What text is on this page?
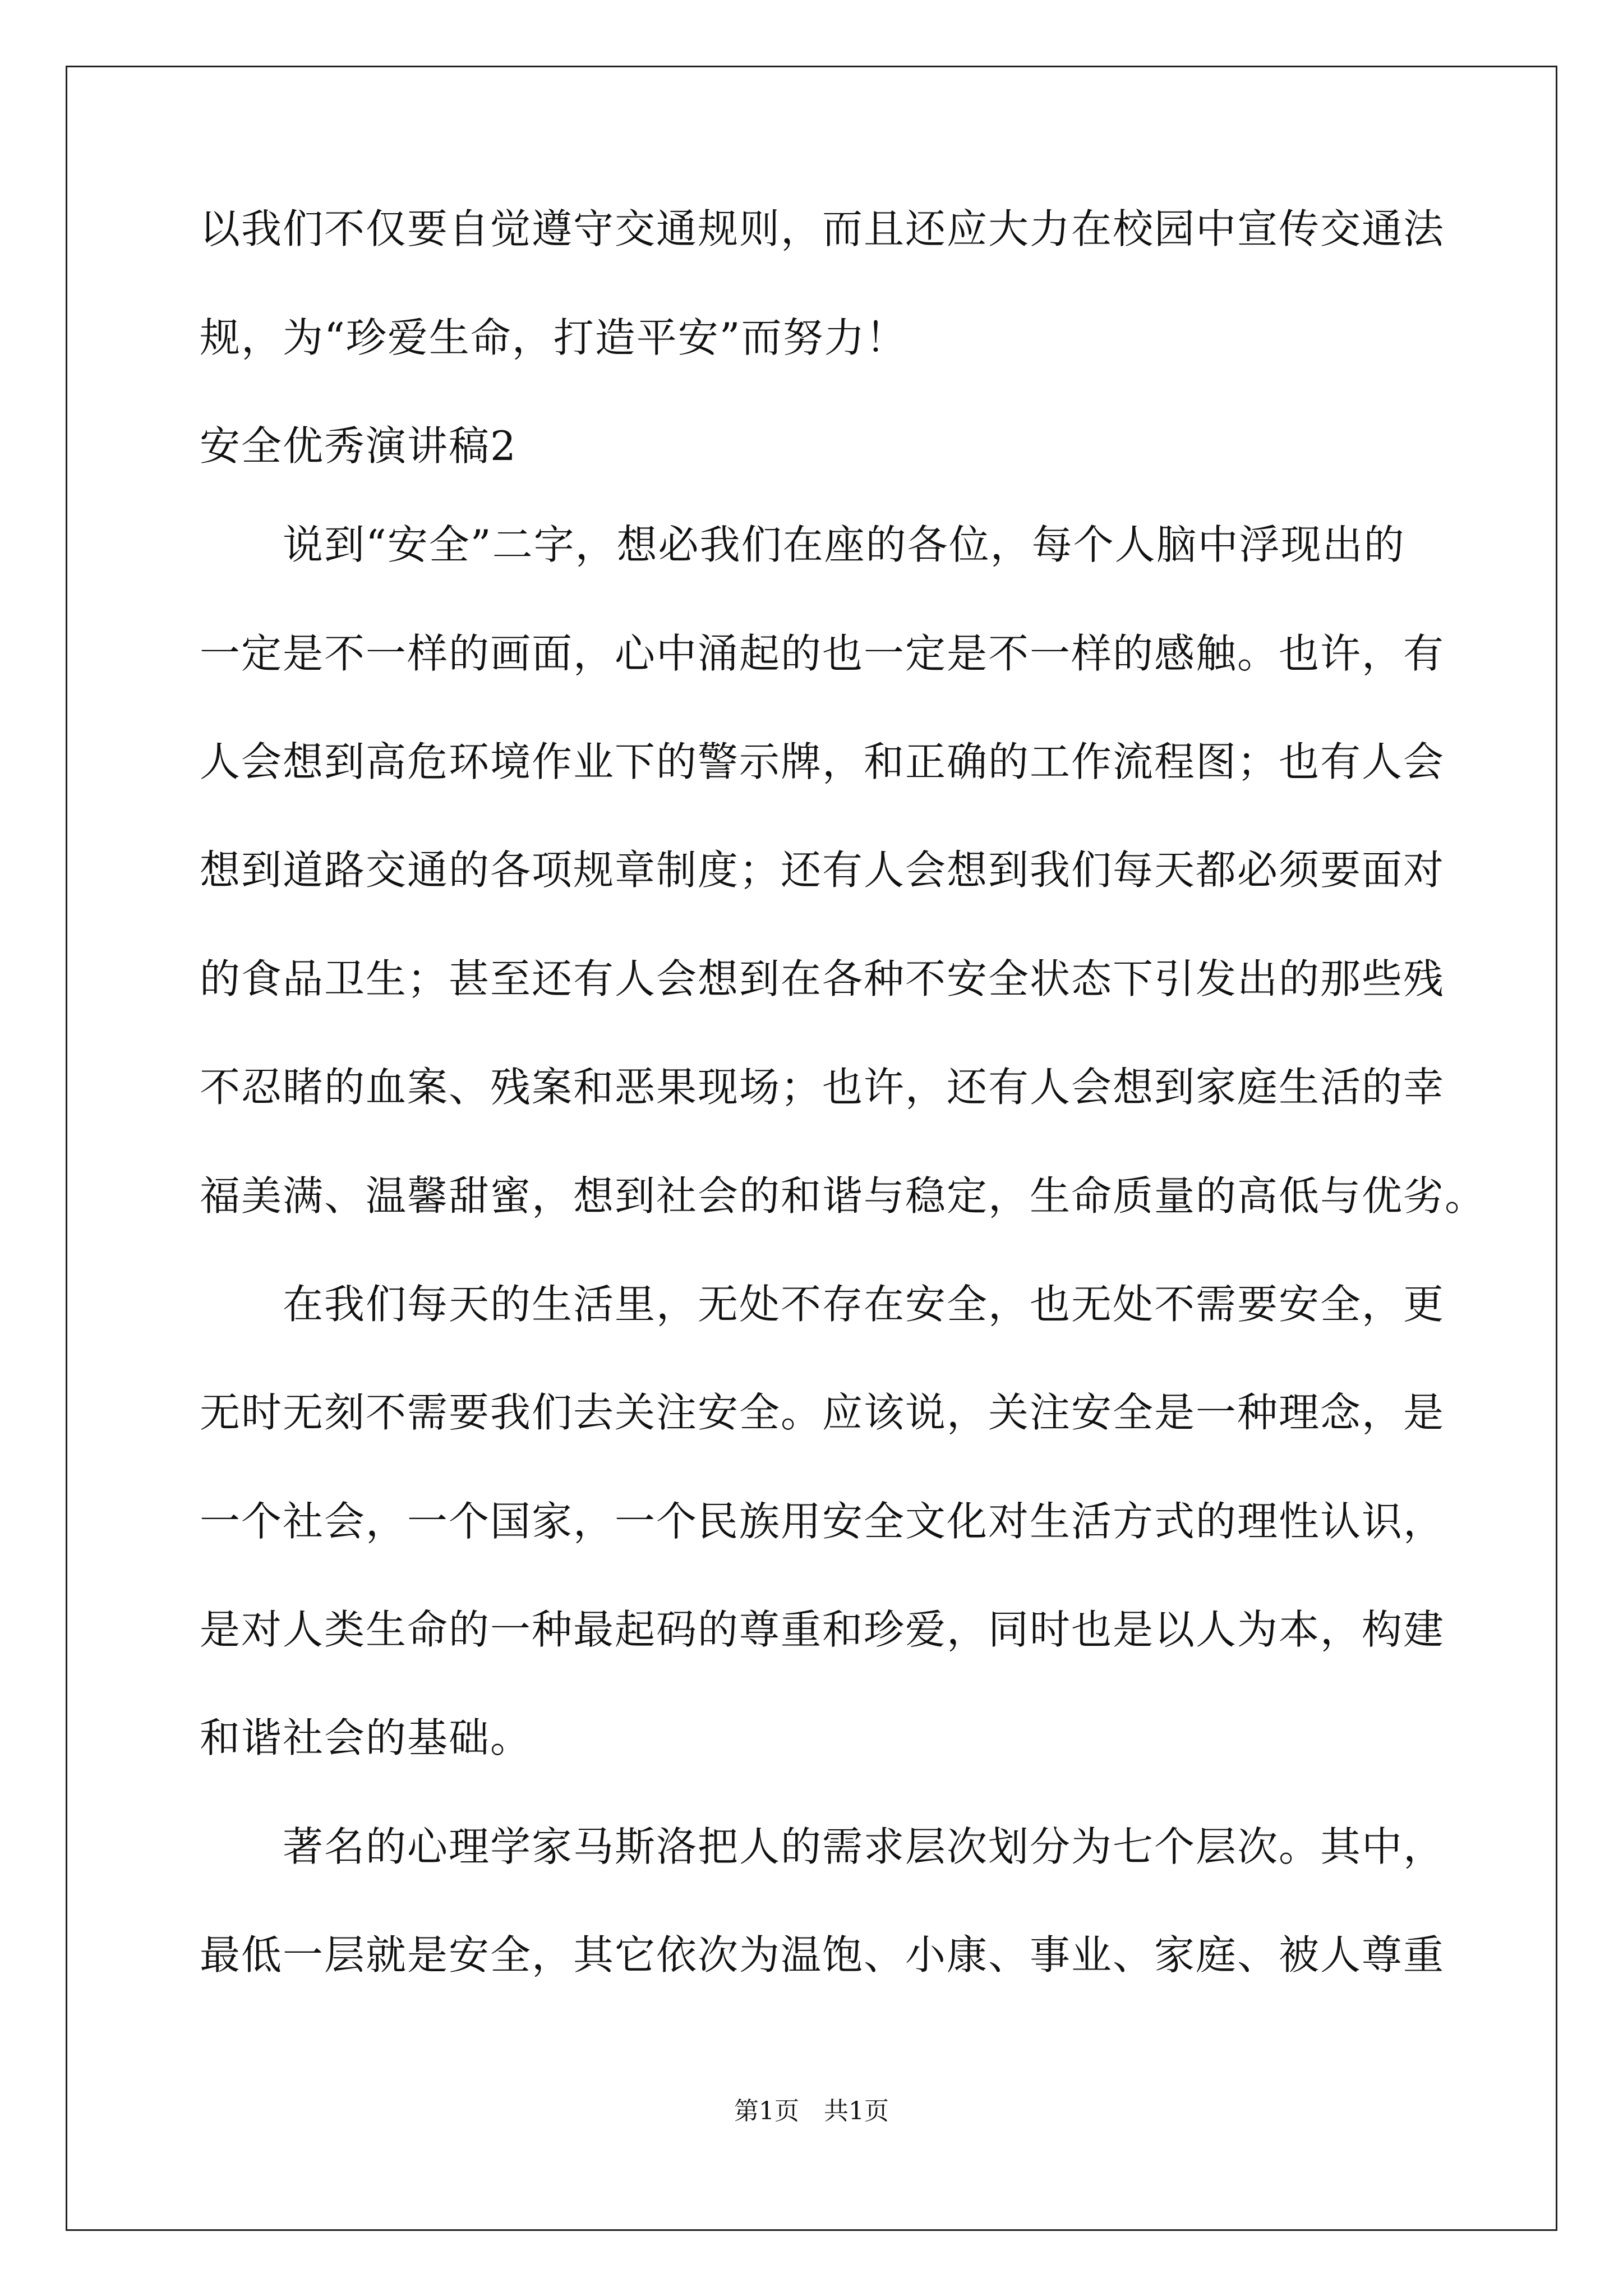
以我们不仅要自觉遵守交通规则，而且还应大力在校园中宣传交通法
规，为“珍爱生命，打造平安”而努力！
安全优秀演讲稿2
　　说到“安全”二字，想必我们在座的各位，每个人脑中浮现出的
一定是不一样的画面，心中涌起的也一定是不一样的感触。也许，有
人会想到高危环境作业下的警示牌，和正确的工作流程图；也有人会
想到道路交通的各项规章制度；还有人会想到我们每天都必须要面对
的食品卫生；甚至还有人会想到在各种不安全状态下引发出的那些残
不忍睹的血案、残案和恶果现场；也许，还有人会想到家庭生活的幸
福美满、温馨甜蜜，想到社会的和谐与稳定，生命质量的高低与优劣。
　　在我们每天的生活里，无处不存在安全，也无处不需要安全，更
无时无刻不需要我们去关注安全。应该说，关注安全是一种理念，是
一个社会，一个国家，一个民族用安全文化对生活方式的理性认识，
是对人类生命的一种最起码的尊重和珍爱，同时也是以人为本，构建
和谐社会的基础。
　　著名的心理学家马斯洛把人的需求层次划分为七个层次。其中，
最低一层就是安全，其它依次为温饱、小康、事业、家庭、被人尊重
第1页　共1页
